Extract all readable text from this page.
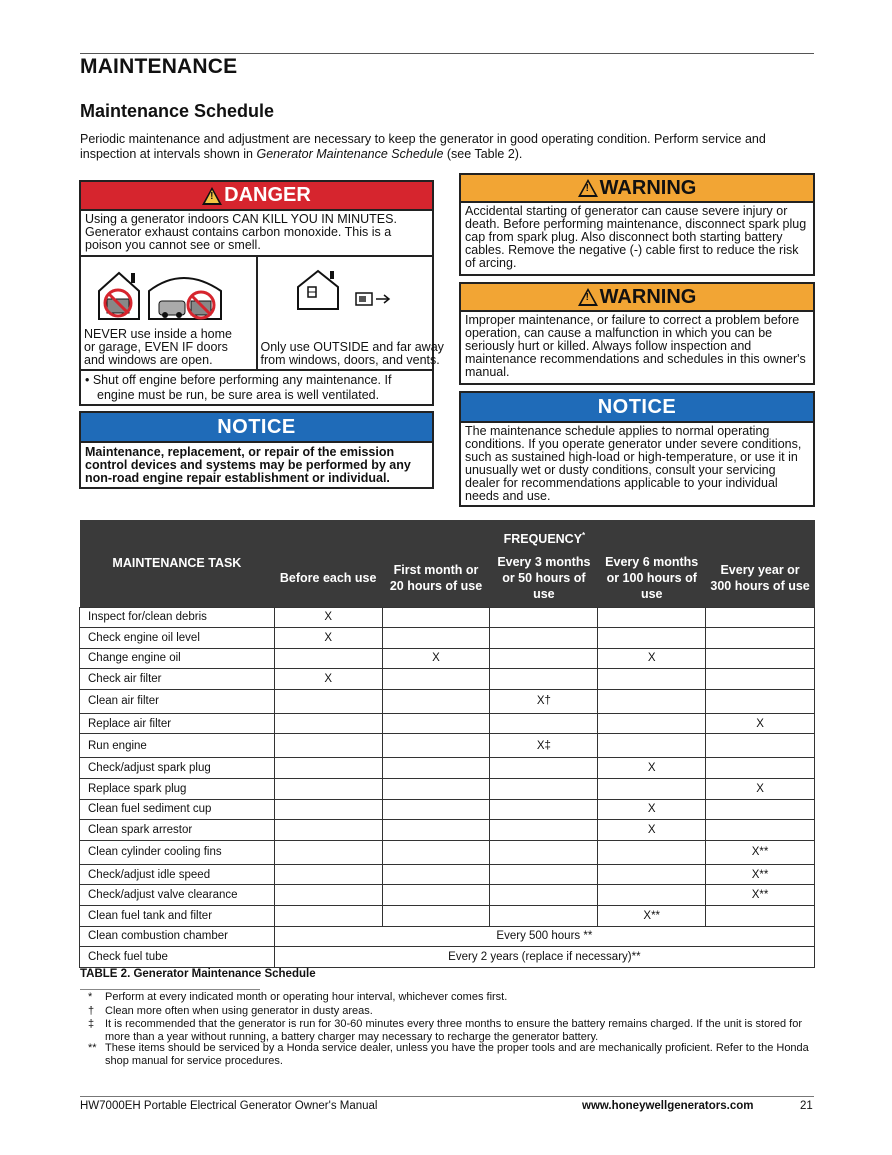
MAINTENANCE
Maintenance Schedule
Periodic maintenance and adjustment are necessary to keep the generator in good operating condition. Perform service and inspection at intervals shown in Generator Maintenance Schedule (see Table 2).
! DANGER
Using a generator indoors CAN KILL YOU IN MINUTES. Generator exhaust contains carbon monoxide. This is a poison you cannot see or smell.
NEVER use inside a home or garage, EVEN IF doors and windows are open.
Only use OUTSIDE and far away from windows, doors, and vents.
• Shut off engine before performing any maintenance. If engine must be run, be sure area is well ventilated.
NOTICE
Maintenance, replacement, or repair of the emission control devices and systems may be performed by any non-road engine repair establishment or individual.
! WARNING
Accidental starting of generator can cause severe injury or death. Before performing maintenance, disconnect spark plug cap from spark plug. Also disconnect both starting battery cables. Remove the negative (-) cable first to reduce the risk of arcing.
! WARNING
Improper maintenance, or failure to correct a problem before operation, can cause a malfunction in which you can be seriously hurt or killed. Always follow inspection and maintenance recommendations and schedules in this owner's manual.
NOTICE
The maintenance schedule applies to normal operating conditions. If you operate generator under severe conditions, such as sustained high-load or high-temperature, or use it in unusually wet or dusty conditions, consult your servicing dealer for recommendations applicable to your individual needs and use.
MAINTENANCE TASK	FREQUENCY*
	Before each use	First month or 20 hours of use	Every 3 months or 50 hours of use	Every 6 months or 100 hours of use	Every year or 300 hours of use
Inspect for/clean debris	X				
Check engine oil level	X				
Change engine oil		X		X	
Check air filter	X				
Clean air filter			X†		
Replace air filter					X
Run engine			X‡		
Check/adjust spark plug				X	
Replace spark plug					X
Clean fuel sediment cup				X	
Clean spark arrestor				X	
Clean cylinder cooling fins					X**
Check/adjust idle speed					X**
Check/adjust valve clearance					X**
Clean fuel tank and filter				X**	
Clean combustion chamber	Every 500 hours **				
Check fuel tube	Every 2 years (replace if necessary)**				
TABLE 2. Generator Maintenance Schedule
*	Perform at every indicated month or operating hour interval, whichever comes first.
† Clean more often when using generator in dusty areas.
‡ It is recommended that the generator is run for 30-60 minutes every three months to ensure the battery remains charged. If the unit is stored for more than a year without running, a battery charger may necessary to recharge the generator battery.
** These items should be serviced by a Honda service dealer, unless you have the proper tools and are mechanically proficient. Refer to the Honda shop manual for service procedures.
HW7000EH Portable Electrical Generator Owner's Manual	www.honeywellgenerators.com	21
